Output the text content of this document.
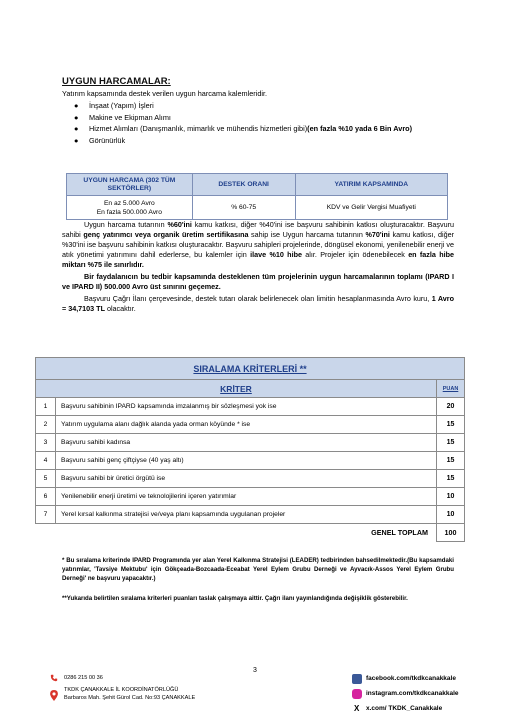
UYGUN HARCAMALAR:
Yatırım kapsamında destek verilen uygun harcama kalemleridir.
● İnşaat (Yapım) İşleri
● Makine ve Ekipman Alımı
● Hizmet Alımları (Danışmanlık, mimarlık ve mühendis hizmetleri gibi)(en fazla %10 yada 6 Bin Avro)
● Görünürlük
UYGUN HARCAMA (302 TÜM SEKTÖRLER)	DESTEK ORANI	YATIRIM KAPSAMINDA
En az 5.000 Avro
En fazla 500.000 Avro	% 60-75	KDV ve Gelir Vergisi Muafiyeti

Uygun harcama tutarının %60'ini kamu katkısı, diğer %40'ini ise başvuru sahibinin katkısı oluşturacaktır. Başvuru sahibi genç yatırımcı veya organik üretim sertifikasına sahip ise Uygun harcama tutarının %70'ini kamu katkısı, diğer %30'ini ise başvuru sahibinin katkısı oluşturacaktır. Başvuru sahipleri projelerinde, döngüsel ekonomi, yenilenebilir enerji ve atık yönetimi yatırımını dahil ederlerse, bu kalemler için ilave %10 hibe alır. Projeler için ödenebilecek en fazla hibe miktarı %75 ile sınırlıdır.

Bir faydalanıcın bu tedbir kapsamında desteklenen tüm projelerinin uygun harcamalarının toplamı (IPARD I ve IPARD II) 500.000 Avro üst sınırını geçemez.

Başvuru Çağrı İlanı çerçevesinde, destek tutarı olarak belirlenecek olan limitin hesaplanmasında Avro kuru, 1 Avro = 34,7103 TL olacaktır.

SIRALAMA KRİTERLERİ **		
KRİTER		PUAN
1	Başvuru sahibinin IPARD kapsamında imzalanmış bir sözleşmesi yok ise	20
2	Yatırım uygulama alanı dağlık alanda yada orman köyünde * ise	15
3	Başvuru sahibi kadınsa	15
4	Başvuru sahibi genç çiftçiyse (40 yaş altı)	15
5	Başvuru sahibi bir üretici örgütü ise	15
6	Yenilenebilir enerji üretimi ve teknolojilerini içeren yatırımlar	10
7	Yerel kırsal kalkınma stratejisi ve/veya planı kapsamında uygulanan projeler	10
GENEL TOPLAM		100
* Bu sıralama kriterinde IPARD Programında yer alan Yerel Kalkınma Stratejisi (LEADER) tedbirinden bahsedilmektedir.(Bu kapsamdaki yatırımlar, 'Tavsiye Mektubu' için Gökçeada-Bozcaada-Eceabat Yerel Eylem Grubu Derneği ve Ayvacık-Assos Yerel Eylem Grubu Derneği' ne başvuru yapacaktır.)
**Yukarıda belirtilen sıralama kriterleri puanları taslak çalışmaya aittir. Çağrı ilanı yayınlandığında değişiklik gösterebilir.
3
0286 215 00 36
TKDK ÇANAKKALE İL KOORDİNATÖRLÜĞÜ
Barbaros Mah. Şehit Gürol Cad. No:93 ÇANAKKALE
facebook.com/tkdkcanakkale
instagram.com/tkdkcanakkale
X x.com/ TKDK_Canakkale
